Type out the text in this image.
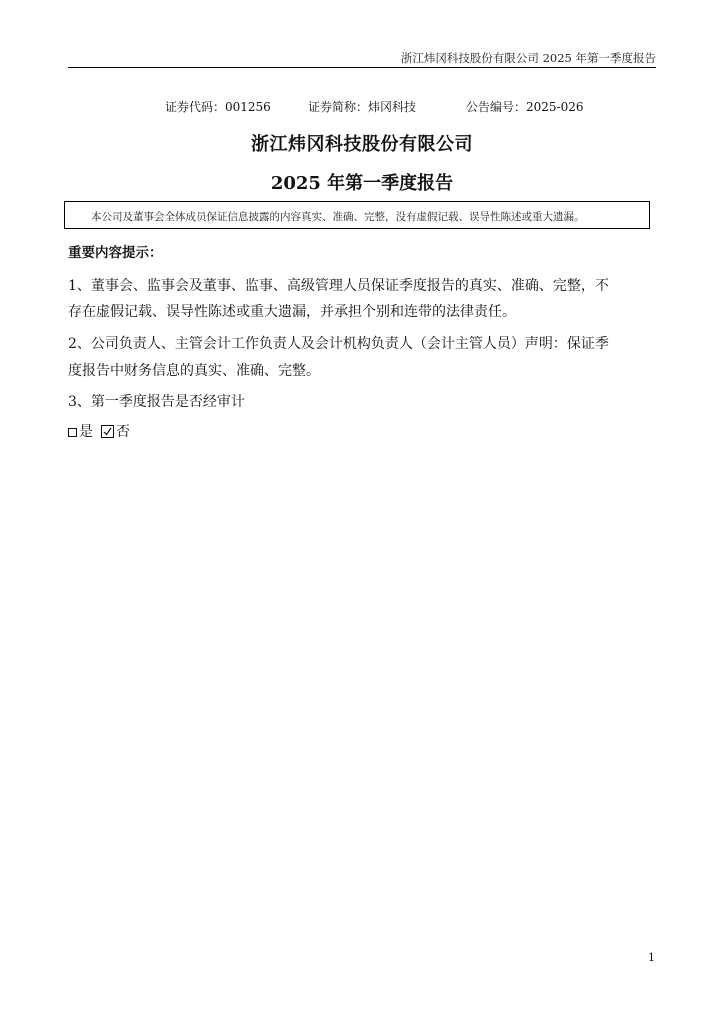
浙江炜冈科技股份有限公司 2025 年第一季度报告
证券代码：001256	证券简称：炜冈科技	公告编号：2025-026
浙江炜冈科技股份有限公司
2025 年第一季度报告
本公司及董事会全体成员保证信息披露的内容真实、准确、完整，没有虚假记载、误导性陈述或重大遗漏。
重要内容提示：
1、董事会、监事会及董事、监事、高级管理人员保证季度报告的真实、准确、完整，不
存在虚假记载、误导性陈述或重大遗漏，并承担个别和连带的法律责任。
2、公司负责人、主管会计工作负责人及会计机构负责人（会计主管人员）声明：保证季
度报告中财务信息的真实、准确、完整。
3、第一季度报告是否经审计
是 否
1
